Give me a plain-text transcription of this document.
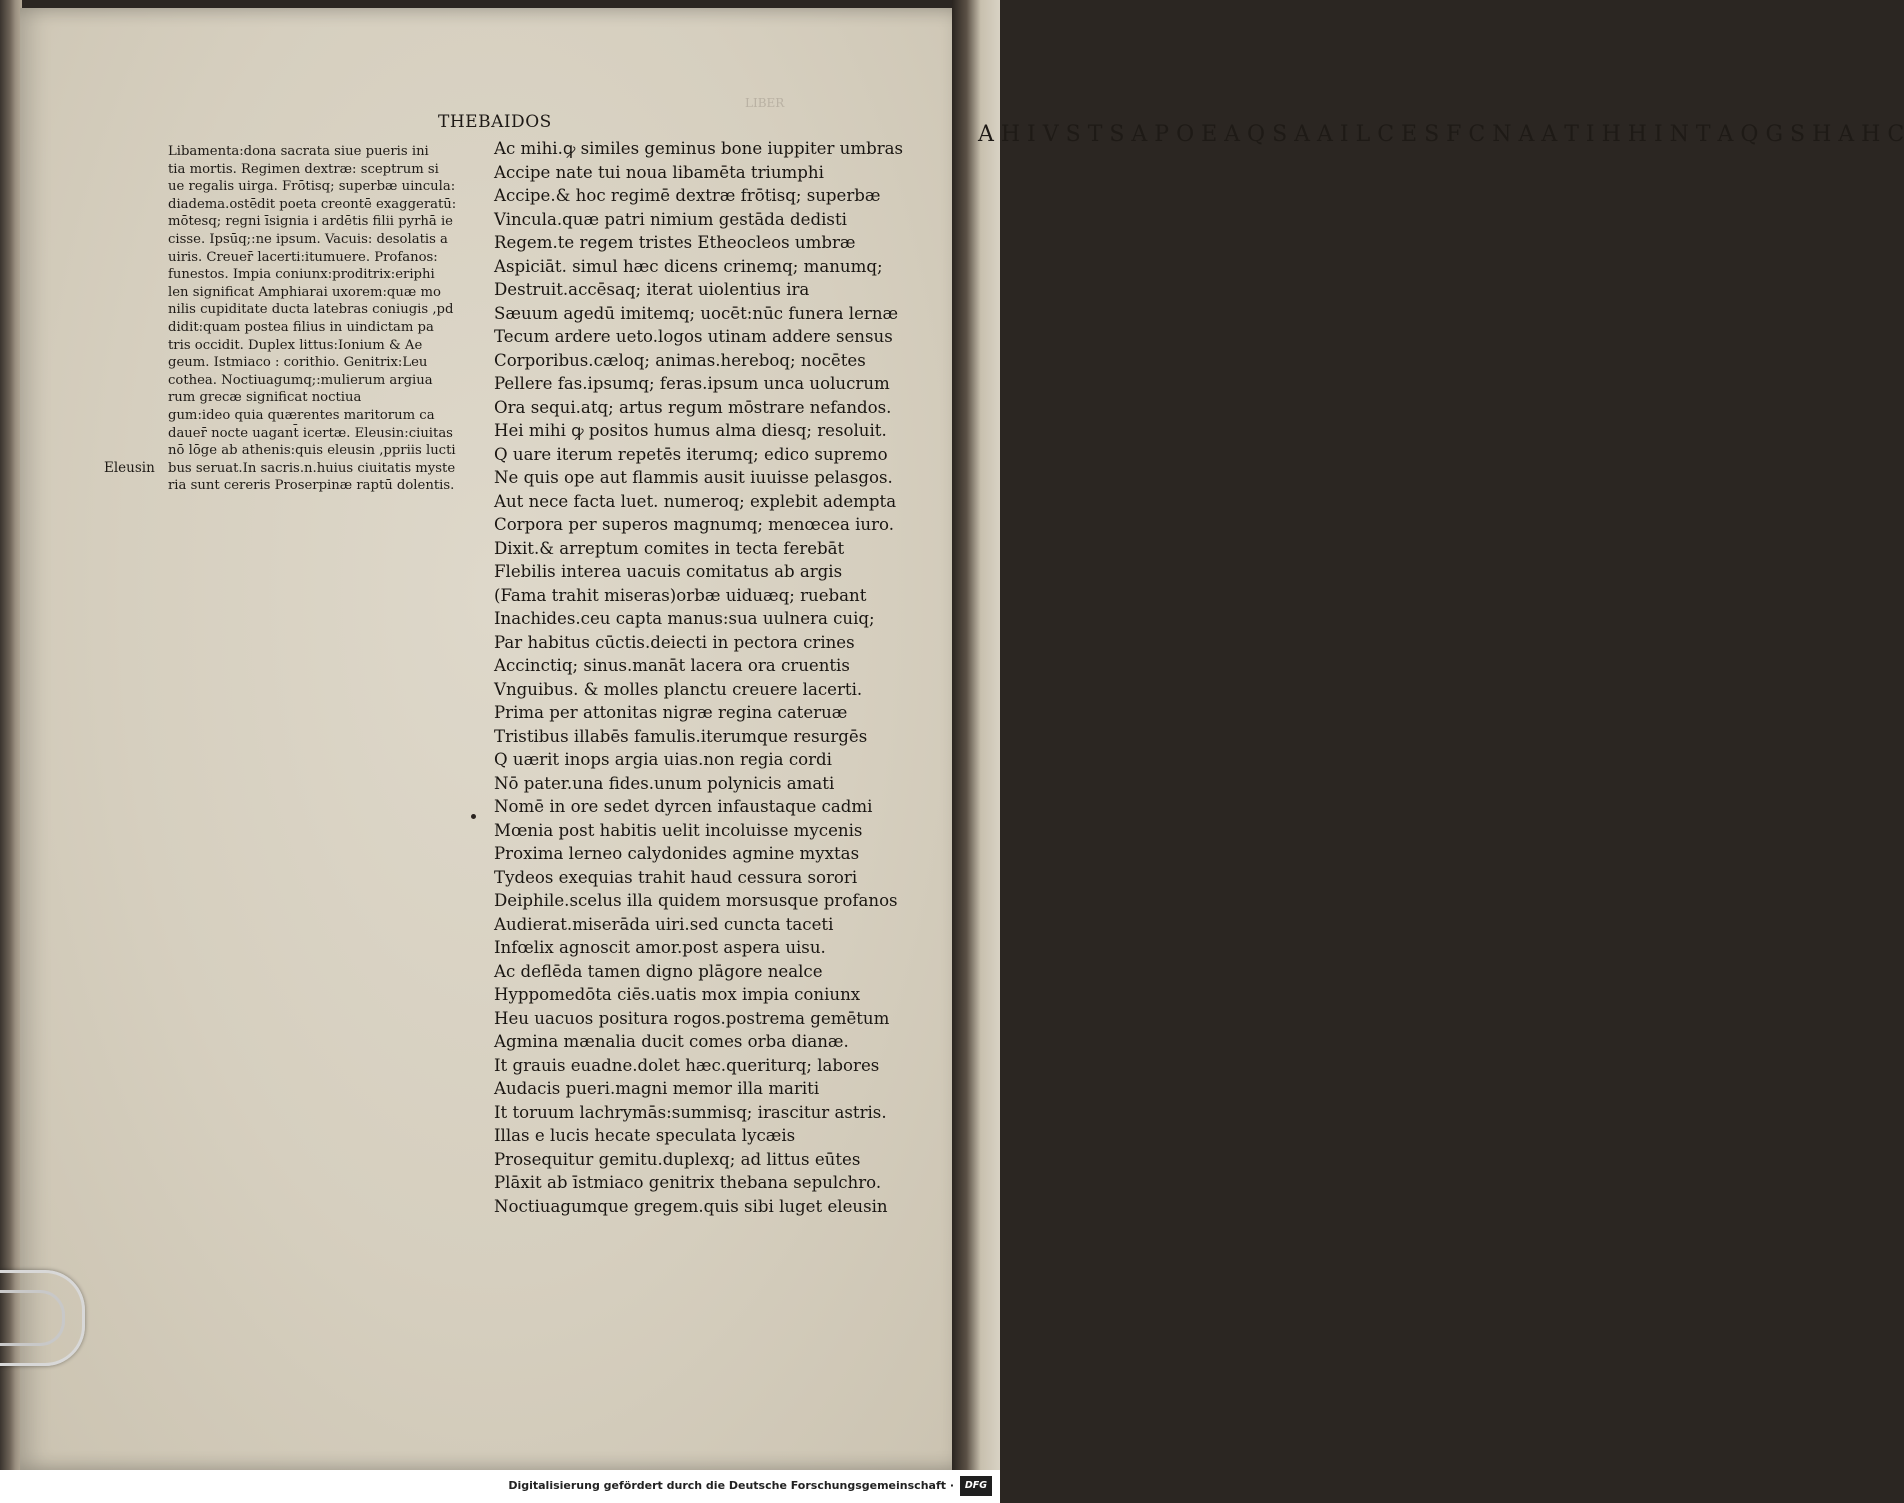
A H I V S T S A P O E A Q S A A I L C E S F C N A A T I H H I N T A Q G S H A H C
LIBER
THEBAIDOS
Eleusin
Libamenta:dona sacrata siue pueris ini
tia mortis. Regimen dextræ: sceptrum si
ue regalis uirga. Frōtisq; superbæ uincula:
diadema.ostēdit poeta creontē exaggeratū:
mōtesq; regni īsignia i ardētis filii pyrhā ie
cisse. Ipsūq;:ne ipsum. Vacuis: desolatis a
uiris. Creuer̄ lacerti:itumuere. Profanos:
funestos. Impia coniunx:proditrix:eriphi
len significat Amphiarai uxorem:quæ mo
nilis cupiditate ducta latebras coniugis ,pd
didit:quam postea filius in uindictam pa
tris occidit. Duplex littus:Ionium & Ae
geum. Istmiaco : corithio. Genitrix:Leu
cothea. Noctiuagumq;:mulierum argiua
rum grecæ significat noctiua
gum:ideo quia quærentes maritorum ca
dauer̄ nocte uagant̄ icertæ. Eleusin:ciuitas
nō lōge ab athenis:quis eleusin ,ppriis lucti
bus seruat.In sacris.n.huius ciuitatis myste
ria sunt cereris Proserpinæ raptū dolentis.
Ac mihi.ꝙ similes geminus bone iuppiter umbras
Accipe nate tui noua libamēta triumphi
Accipe.& hoc regimē dextræ frōtisq; superbæ
Vincula.quæ patri nimium gestāda dedisti
Regem.te regem tristes Etheocleos umbræ
Aspiciāt. simul hæc dicens crinemq; manumq;
Destruit.accēsaq; iterat uiolentius ira
Sæuum agedū imitemq; uocēt:nūc funera lernæ
Tecum ardere ueto.logos utinam addere sensus
Corporibus.cæloq; animas.hereboq; nocētes
Pellere fas.ipsumq; feras.ipsum unca uolucrum
Ora sequi.atq; artus regum mōstrare nefandos.
Hei mihi ꝙ positos humus alma diesq; resoluit.
Q uare iterum repetēs iterumq; edico supremo
Ne quis ope aut flammis ausit iuuisse pelasgos.
Aut nece facta luet. numeroq; explebit adempta
Corpora per superos magnumq; menœcea iuro.
Dixit.& arreptum comites in tecta ferebāt
Flebilis interea uacuis comitatus ab argis
(Fama trahit miseras)orbæ uiduæq; ruebant
Inachides.ceu capta manus:sua uulnera cuiq;
Par habitus cūctis.deiecti in pectora crines
Accinctiq; sinus.manāt lacera ora cruentis
Vnguibus. & molles planctu creuere lacerti.
Prima per attonitas nigræ regina cateruæ
Tristibus illabēs famulis.iterumque resurgēs
Q uærit inops argia uias.non regia cordi
Nō pater.una fides.unum polynicis amati
Nomē in ore sedet dyrcen infaustaque cadmi
Mœnia post habitis uelit incoluisse mycenis
Proxima lerneo calydonides agmine myxtas
Tydeos exequias trahit haud cessura sorori
Deiphile.scelus illa quidem morsusque profanos
Audierat.miserāda uiri.sed cuncta taceti
Infœlix agnoscit amor.post aspera uisu.
Ac deflēda tamen digno plāgore nealce
Hyppomedōta ciēs.uatis mox impia coniunx
Heu uacuos positura rogos.postrema gemētum
Agmina mænalia ducit comes orba dianæ.
It grauis euadne.dolet hæc.queriturq; labores
Audacis pueri.magni memor illa mariti
It toruum lachrymās:summisq; irascitur astris.
Illas e lucis hecate speculata lycæis
Prosequitur gemitu.duplexq; ad littus eūtes
Plāxit ab īstmiaco genitrix thebana sepulchro.
Noctiuagumque gregem.quis sibi luget eleusin
Digitalisierung gefördert durch die Deutsche Forschungsgemeinschaft ·	DFG
